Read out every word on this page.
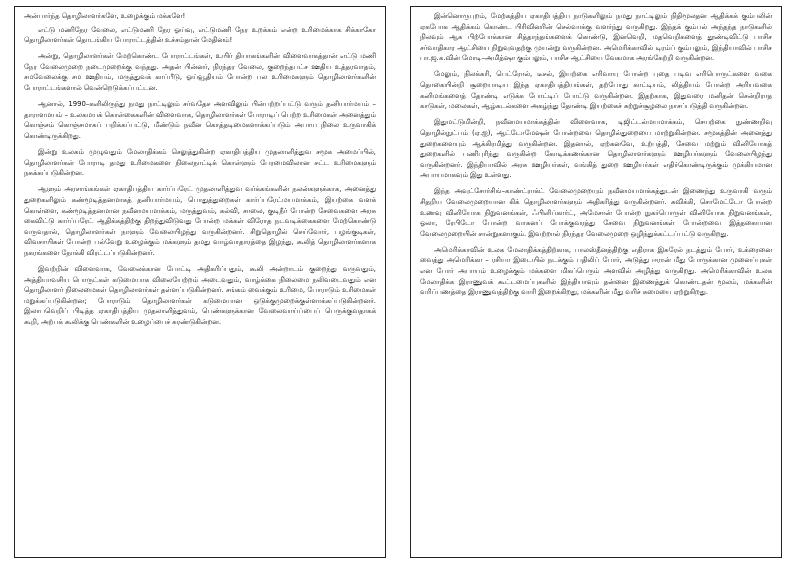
அன்பார்ந்த தொழிலாளர்களே, உழைக்கும் மக்களே!

எட்டு மணிநேர வேலை, எட்டுமணி நேர ஓய்வு, எட்டுமணி நேர உறக்கம் என்ற உரிமைக்காக சிக்காகோ தொழிலாளர்கள் தொடங்கிய போராட்டத்தின் உச்சம்தான் மேதினம்!

அன்று, தொழிலாளர்கள் மேற்கொண்ட போராட்டங்கள், உயிர் தியாகங்களின் விளைவாகத்தான் எட்டு மணி நேர வேலைமுறை நடைமுறைக்கு வந்தது. அதன் பின்னர், நிரந்தர வேலை, குறைந்தபட்ச ஊதிய உத்தரவாதம், சமவேலைக்கு சம ஊதியம், மருத்துவக் காப்பீடு, ஓய்வூதியம் போன்ற பல உரிமைகளும் தொழிலாளர்களின் போராட்டங்களால் வென்றெடுக்கப்பட்டன.

ஆனால், 1990–களிலிருந்து நமது நாட்டிலும் சர்வதேச அளவிலும் பின்பற்றப்பட்டு வரும் தனியார்மயம் – தாராளமயம் – உலகமயக் கொள்கைகளின் விளைவாக, தொழிலாளர்கள் போராடிப் பெற்ற உரிமைகள் அனைத்தும் கொஞ்சம் கொஞ்சமாகப் பறிக்கப்பட்டு, மீண்டும் நவீன கொத்தடிமைகளாக்கப்படும் அபாய நிலை உருவாகிக் கொண்டிருக்கிறது.

இன்று உலகம் முழுவதும் மேலாதிக்கம் செலுத்துகின்ற ஏகாதிபத்திய முதலாளித்துவ சமூக அமைப்பில், தொழிலாளர்கள் போராடி தமது உரிமைகளை நிலைநாட்டிக் கொள்ளும் பேரமைவிலான சட்ட உரிமைகளும் நசுக்கப்படுகின்றன.

ஆளும் அரசாங்கங்கள் ஏகாதிபத்திய கார்ப்பரேட் முதலாளித்துவ வர்க்கங்களின் நலன்களுக்காக, அனைத்து துறைகளிலும் கண்மூடித்தனமாகத் தனியார்மயம், பொதுத்துறைகள் கார்ப்பரேட்மயமாக்கம், இயற்கை வளக் கொள்ளை, கண்மூடித்தனமான நவீனமயமாக்கம், மருத்துவம், கல்வி, சாலை, குடிநீர் போன்ற சேவைகளை அரசு கைவிட்டு கார்ப்பரேட் ஆதிக்கத்திற்கு திறந்துவிடுவது போன்ற மக்கள் விரோத நடவடிக்கைகளை மேற்கொண்டு வருவதால், தொழிலாளர்கள் நாளும் வேலையிழந்து வருகின்றனர். சிறுதொழில் செய்வோர், பழங்குடிகள், விவசாயிகள் போன்ற பல்வேறு உழைக்கும் மக்களும் தமது வாழ்வாதாரத்தை இழந்து, கூலித் தொழிலாளர்களாக நகரங்களை நோக்கி விரட்டப்படுகின்றனர்.

இவற்றின் விளைவாக, வேலைக்கான போட்டி அதிகரிப்பதும், கூலி அன்றாடம் குறைந்து வருவதும், அத்தியாவசிய பொருட்கள் கடுமையாக விலையேற்றம் அடைவதும், வாழ்க்கை நிலைமை நலிவடைவதும் என தொழிலாளர் நிலைமைகள் தொழிலாளர்கள் தள்ளப்படுகின்றனர். சங்கம் வைக்கும் உரிமை, போராடும் உரிமைகள் மறுக்கப்படுகின்றன; போராடும் தொழிலாளர்கள் கடுமையான ஒடுக்குமுறைக்குள்ளாக்கப்படுகின்றனர். இலாபவெறிப் பிடித்த ஏகாதிபத்திய முதலாளித்துவம், பெண்களுக்கான வேலைவாய்ப்பைப் பெருக்குவதாகக் கூறி, அற்பக் கூலிக்கு பெண்களின் உழைப்பைச் சுரண்டுகின்றன.

இன்னொருபுறம், மேற்கத்திய ஏகாதிபத்திய நாடுகளிலும் நமது நாட்டிலும் நிதிமூலதன ஆதிக்கக் கும்பலின் ஏகபோக ஆதிக்கம் கொண்ட பிரிவினரின் செல்வாக்கு வளர்ந்து வருகிறது. இந்தக் கும்பல் அந்தந்த நாடுகளில் நிலவும் ஆக பிற்போக்கான சித்தாந்தங்களைக் கொண்டு, இனவெறி, மதவெறிகளைத் தூண்டிவிட்டு பாசிச சர்வாதிகார ஆட்சியை நிறுவுவதற்கு முயன்று வருகின்றன. அமெரிக்காவில் டிரம்ப் கும்பலும், இந்தியாவில் பாசிச பா.ஜ.க.வின் மோடி–அமித்ஷா கும்பலும், பாசிச ஆட்சியை வேகமாக அரங்கேற்றி வருகின்றன.

மேலும், நிலக்கரி, பெட்ரோல், டீசல், இயற்கை எரிவாயு போன்ற புதை படிவ எரிபொருட்களை வகை தொகையின்றி சூறையாடிய இந்த ஏகாதிபத்தியங்கள், தற்போது காட்டியம், லித்தியம் போன்ற அரியவகை கனிமங்களைத் தோண்டி எடுக்க போட்டிப் போட்டு வருகின்றன. இதற்காக, இதுவரை மனிதன் சென்றிராத காடுகள், மலைகள், ஆழ்கடல்களை அகழ்ந்து தோண்டி இயற்கைச் சுற்றுச்சூழலை நாசப்படுத்தி வருகின்றன.

இதுமட்டுமின்றி, நவீனமயமாக்கத்தின் விளைவாக, டிஜிட்டல்மயமாக்கம், செயற்கை நுண்ணறிவு தொழில்நுட்பம் (ஏ.ஐ), ஆட்டோமேஷன் போன்றவை தொழில்துறையை மாற்றுகின்றன. சமூகத்தின் அனைத்து துறைகளையும் ஆக்கிரமித்து வருகின்றன. இதனால், ஏற்கனவே, உற்பத்தி, சேவை மற்றும் வினியோகத் துறைகளில் பணிபுரிந்து வருகின்ற கோடிக்கணக்கான தொழிலாளர்களும் ஊழியர்களும் வேலையிழந்து வருகின்றனர். இந்தியாவில் அரசு ஊழியர்கள், வங்கித் துறை ஊழியர்கள் எதிர்கொண்டிருக்கும் முக்கியமான அபாயமாகவும் இது உள்ளது.

இந்த அவுட்சோர்சிங்–காண்ட்ராக்ட் வேலைமுறையும் நவீனமயமாக்கத்துடன் இணைந்து உருவாகி வரும் சிதறிய வேலைமுறையான கிக் தொழிலாளர்களும் அதிகரித்து வருகின்றனர். சுவிக்கி, சொமேட்டோ போன்ற உணவு வினியோக நிறுவனங்கள், ஃபிளிப்கார்ட், அமேசான் போன்ற நுகர்பொருள் வினியோக நிறுவனங்கள், ஓலா, ரேபிடோ போன்ற வாகனப் போக்குவரத்து சேவை நிறுவனங்கள் போன்றவை இத்தகையான வேலைமுறையின் சான்றுகளாகும். இவற்றால் நிரந்தர வேலைமுறை ஒழிந்துக்கட்டப்பட்டு வருகிறது.

அமெரிக்காவின் உலக மேலாதிக்கத்திற்காக, பாலஸ்தீனத்திற்கு எதிராக இசுரேல் நடத்தும் போர், உக்ரைனை வைத்து அமெரிக்கா – ரசியா இடையில் நடக்கும் பதிலிப் போர், அடுத்து ஈரான் மீது போருக்கான முனைப்புகள் என போர் அபாயம் உழைக்கும் மக்களை மிகப்பெரும் அளவில் அழித்து வருகிறது. அமெரிக்காவின் உலக மேலாதிக்க இராணுவக் கூட்டமைப்புகளில் இந்தியாவும் தன்னை இணைத்துக் கொண்டதன் மூலம், மக்களின் வரிப்பணத்தை இராணுவத்திற்கு வாரி இறைக்கிறது, மக்களின் மீது வரிச் சுமையை ஏற்றுகிறது.
